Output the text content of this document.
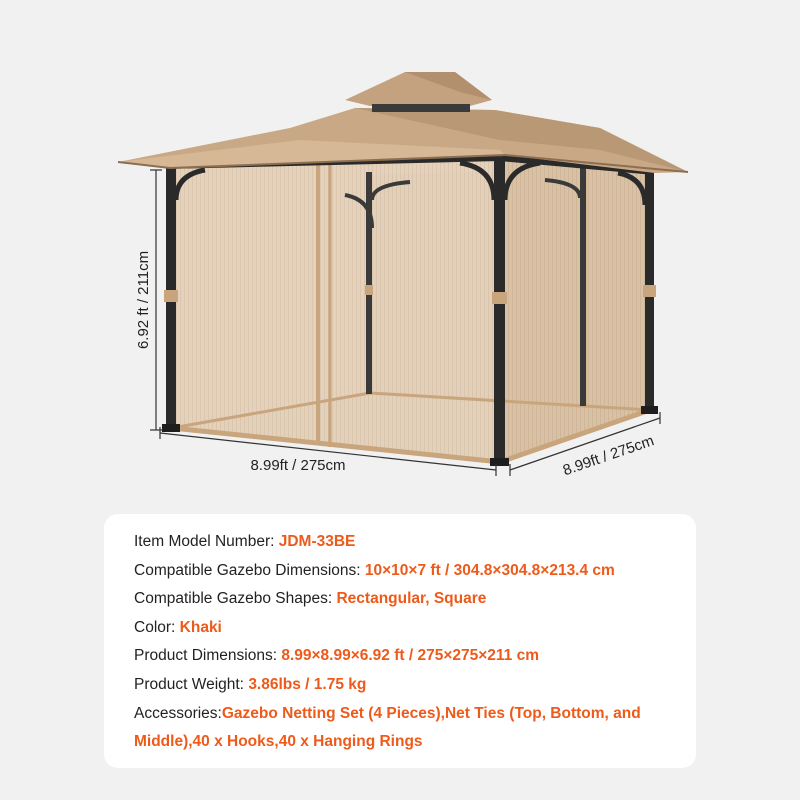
6.92 ft / 211cm
8.99ft / 275cm	8.99ft / 275cm
Item Model Number: JDM-33BE
Compatible Gazebo Dimensions: 10×10×7 ft / 304.8×304.8×213.4 cm
Compatible Gazebo Shapes: Rectangular, Square
Color: Khaki
Product Dimensions: 8.99×8.99×6.92 ft / 275×275×211 cm
Product Weight: 3.86lbs / 1.75 kg
Accessories:Gazebo Netting Set (4 Pieces),Net Ties (Top, Bottom, and Middle),40 x Hooks,40 x Hanging Rings
